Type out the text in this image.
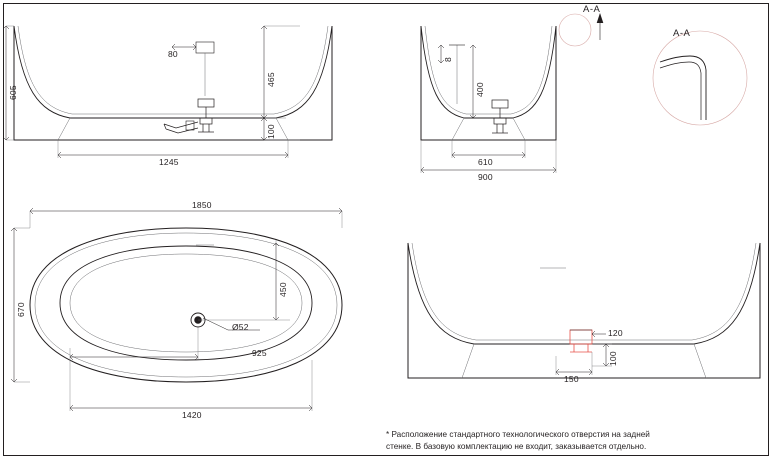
605
465
100
80
1245
8
400
610
900
A-A
A-A
1850
670
450
Ø52
925
1420
120
100
150
* Расположение стандартного технологического отверстия на задней
стенке. В базовую комплектацию не входит, заказывается отдельно.
